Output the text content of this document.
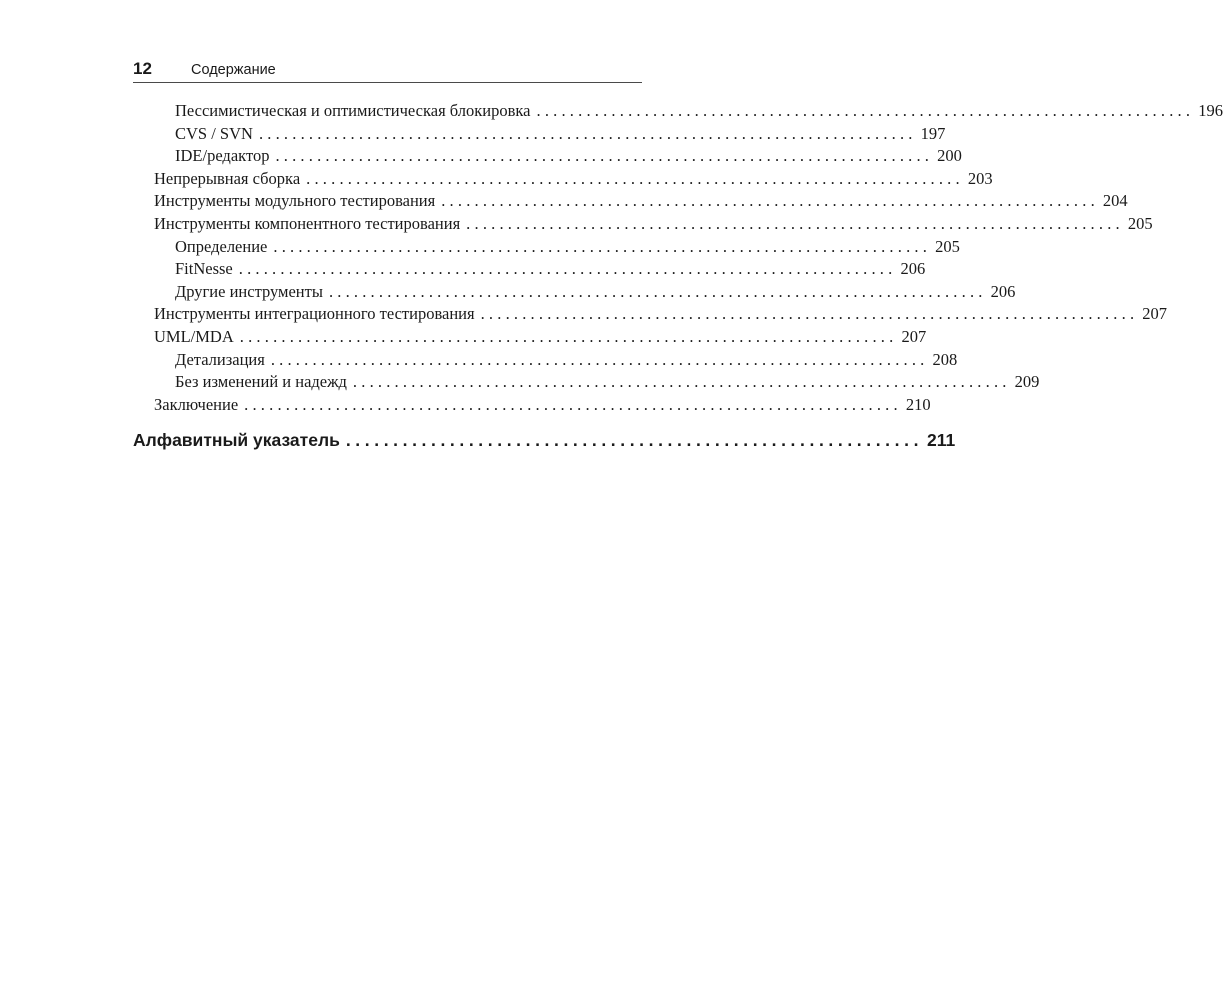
12	Содержание
Пессимистическая и оптимистическая блокировка ............................................................................... 196
CVS / SVN ............................................................................... 197
IDE/редактор ............................................................................... 200
Непрерывная сборка ............................................................................... 203
Инструменты модульного тестирования ............................................................................... 204
Инструменты компонентного тестирования ............................................................................... 205
Определение ............................................................................... 205
FitNesse ............................................................................... 206
Другие инструменты ............................................................................... 206
Инструменты интеграционного тестирования ............................................................................... 207
UML/MDA ............................................................................... 207
Детализация ............................................................................... 208
Без изменений и надежд ............................................................................... 209
Заключение ............................................................................... 210
Алфавитный указатель ............................................................. 211
